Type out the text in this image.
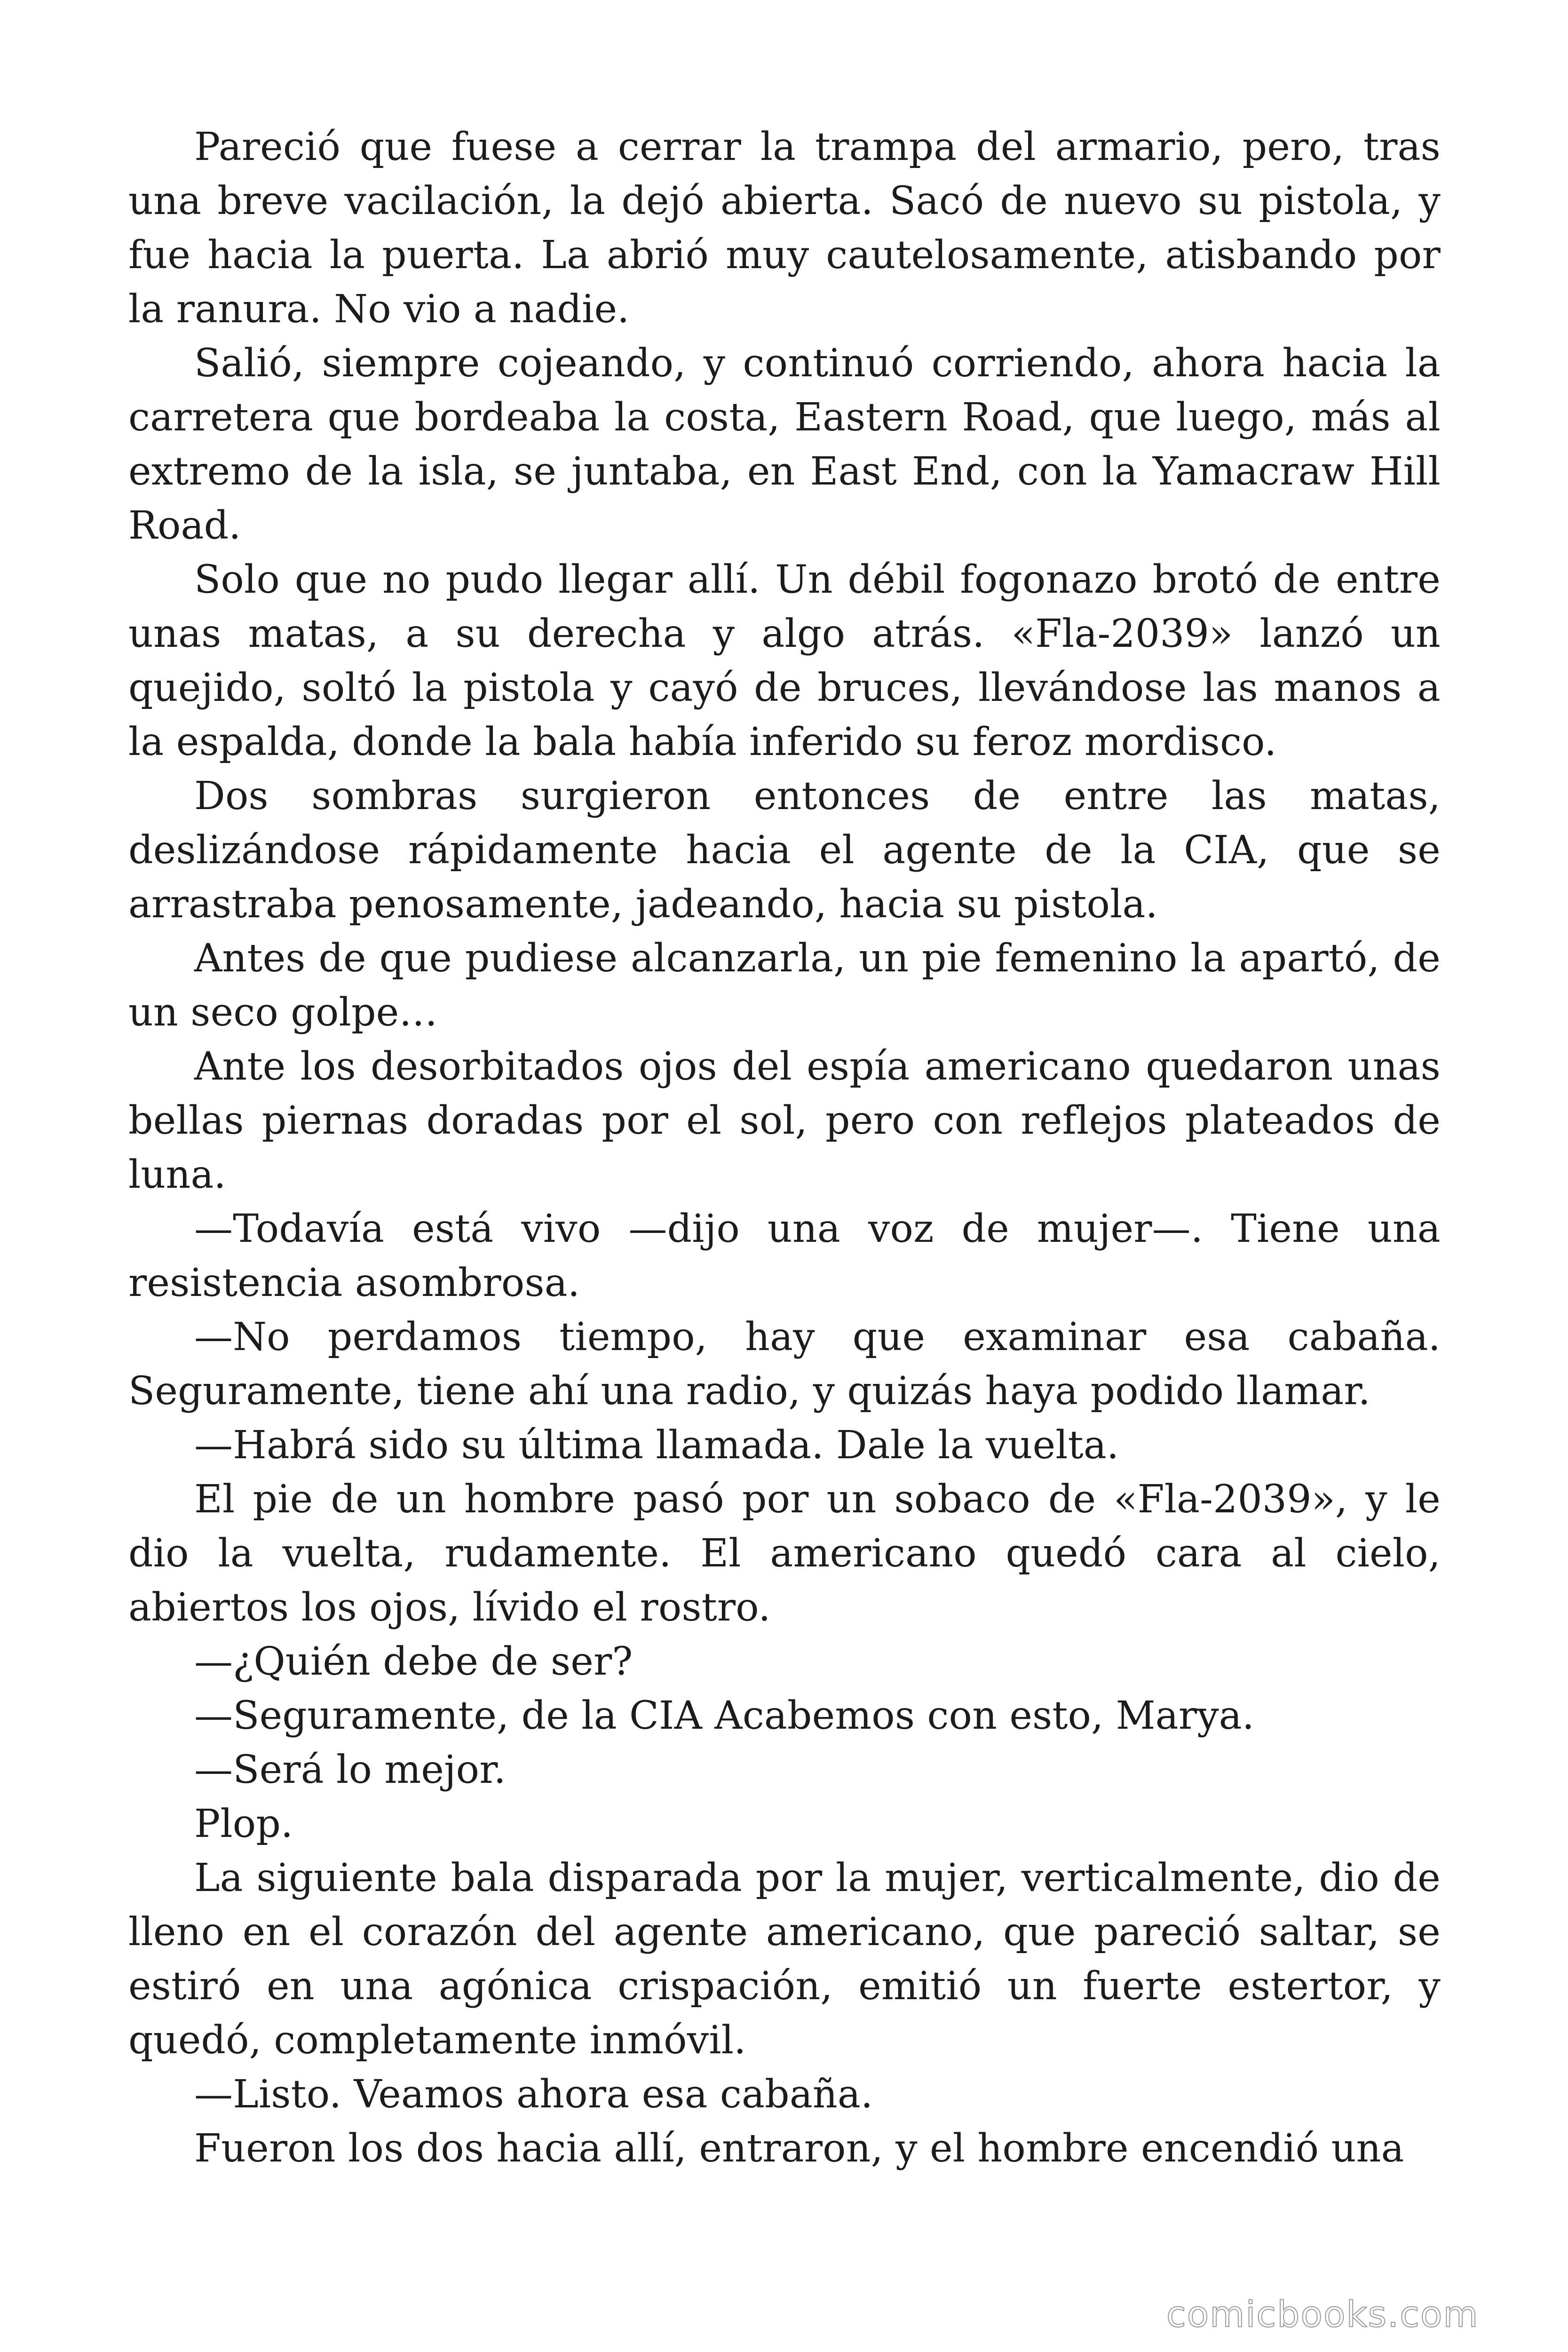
Pareció que fuese a cerrar la trampa del armario, pero, tras una breve vacilación, la dejó abierta. Sacó de nuevo su pistola, y fue hacia la puerta. La abrió muy cautelosamente, atisbando por la ranura. No vio a nadie.

Salió, siempre cojeando, y continuó corriendo, ahora hacia la carretera que bordeaba la costa, Eastern Road, que luego, más al extremo de la isla, se juntaba, en East End, con la Yamacraw Hill Road.

Solo que no pudo llegar allí. Un débil fogonazo brotó de entre unas matas, a su derecha y algo atrás. «Fla-2039» lanzó un quejido, soltó la pistola y cayó de bruces, llevándose las manos a la espalda, donde la bala había inferido su feroz mordisco.

Dos sombras surgieron entonces de entre las matas, deslizándose rápidamente hacia el agente de la CIA, que se arrastraba penosamente, jadeando, hacia su pistola.

Antes de que pudiese alcanzarla, un pie femenino la apartó, de un seco golpe…

Ante los desorbitados ojos del espía americano quedaron unas bellas piernas doradas por el sol, pero con reflejos plateados de luna.

—Todavía está vivo —dijo una voz de mujer—. Tiene una resistencia asombrosa.

—No perdamos tiempo, hay que examinar esa cabaña. Seguramente, tiene ahí una radio, y quizás haya podido llamar.

—Habrá sido su última llamada. Dale la vuelta.

El pie de un hombre pasó por un sobaco de «Fla-2039», y le dio la vuelta, rudamente. El americano quedó cara al cielo, abiertos los ojos, lívido el rostro.

—¿Quién debe de ser?

—Seguramente, de la CIA Acabemos con esto, Marya.

—Será lo mejor.

Plop.

La siguiente bala disparada por la mujer, verticalmente, dio de lleno en el corazón del agente americano, que pareció saltar, se estiró en una agónica crispación, emitió un fuerte estertor, y quedó, completamente inmóvil.

—Listo. Veamos ahora esa cabaña.

Fueron los dos hacia allí, entraron, y el hombre encendió una

comicbooks.com
